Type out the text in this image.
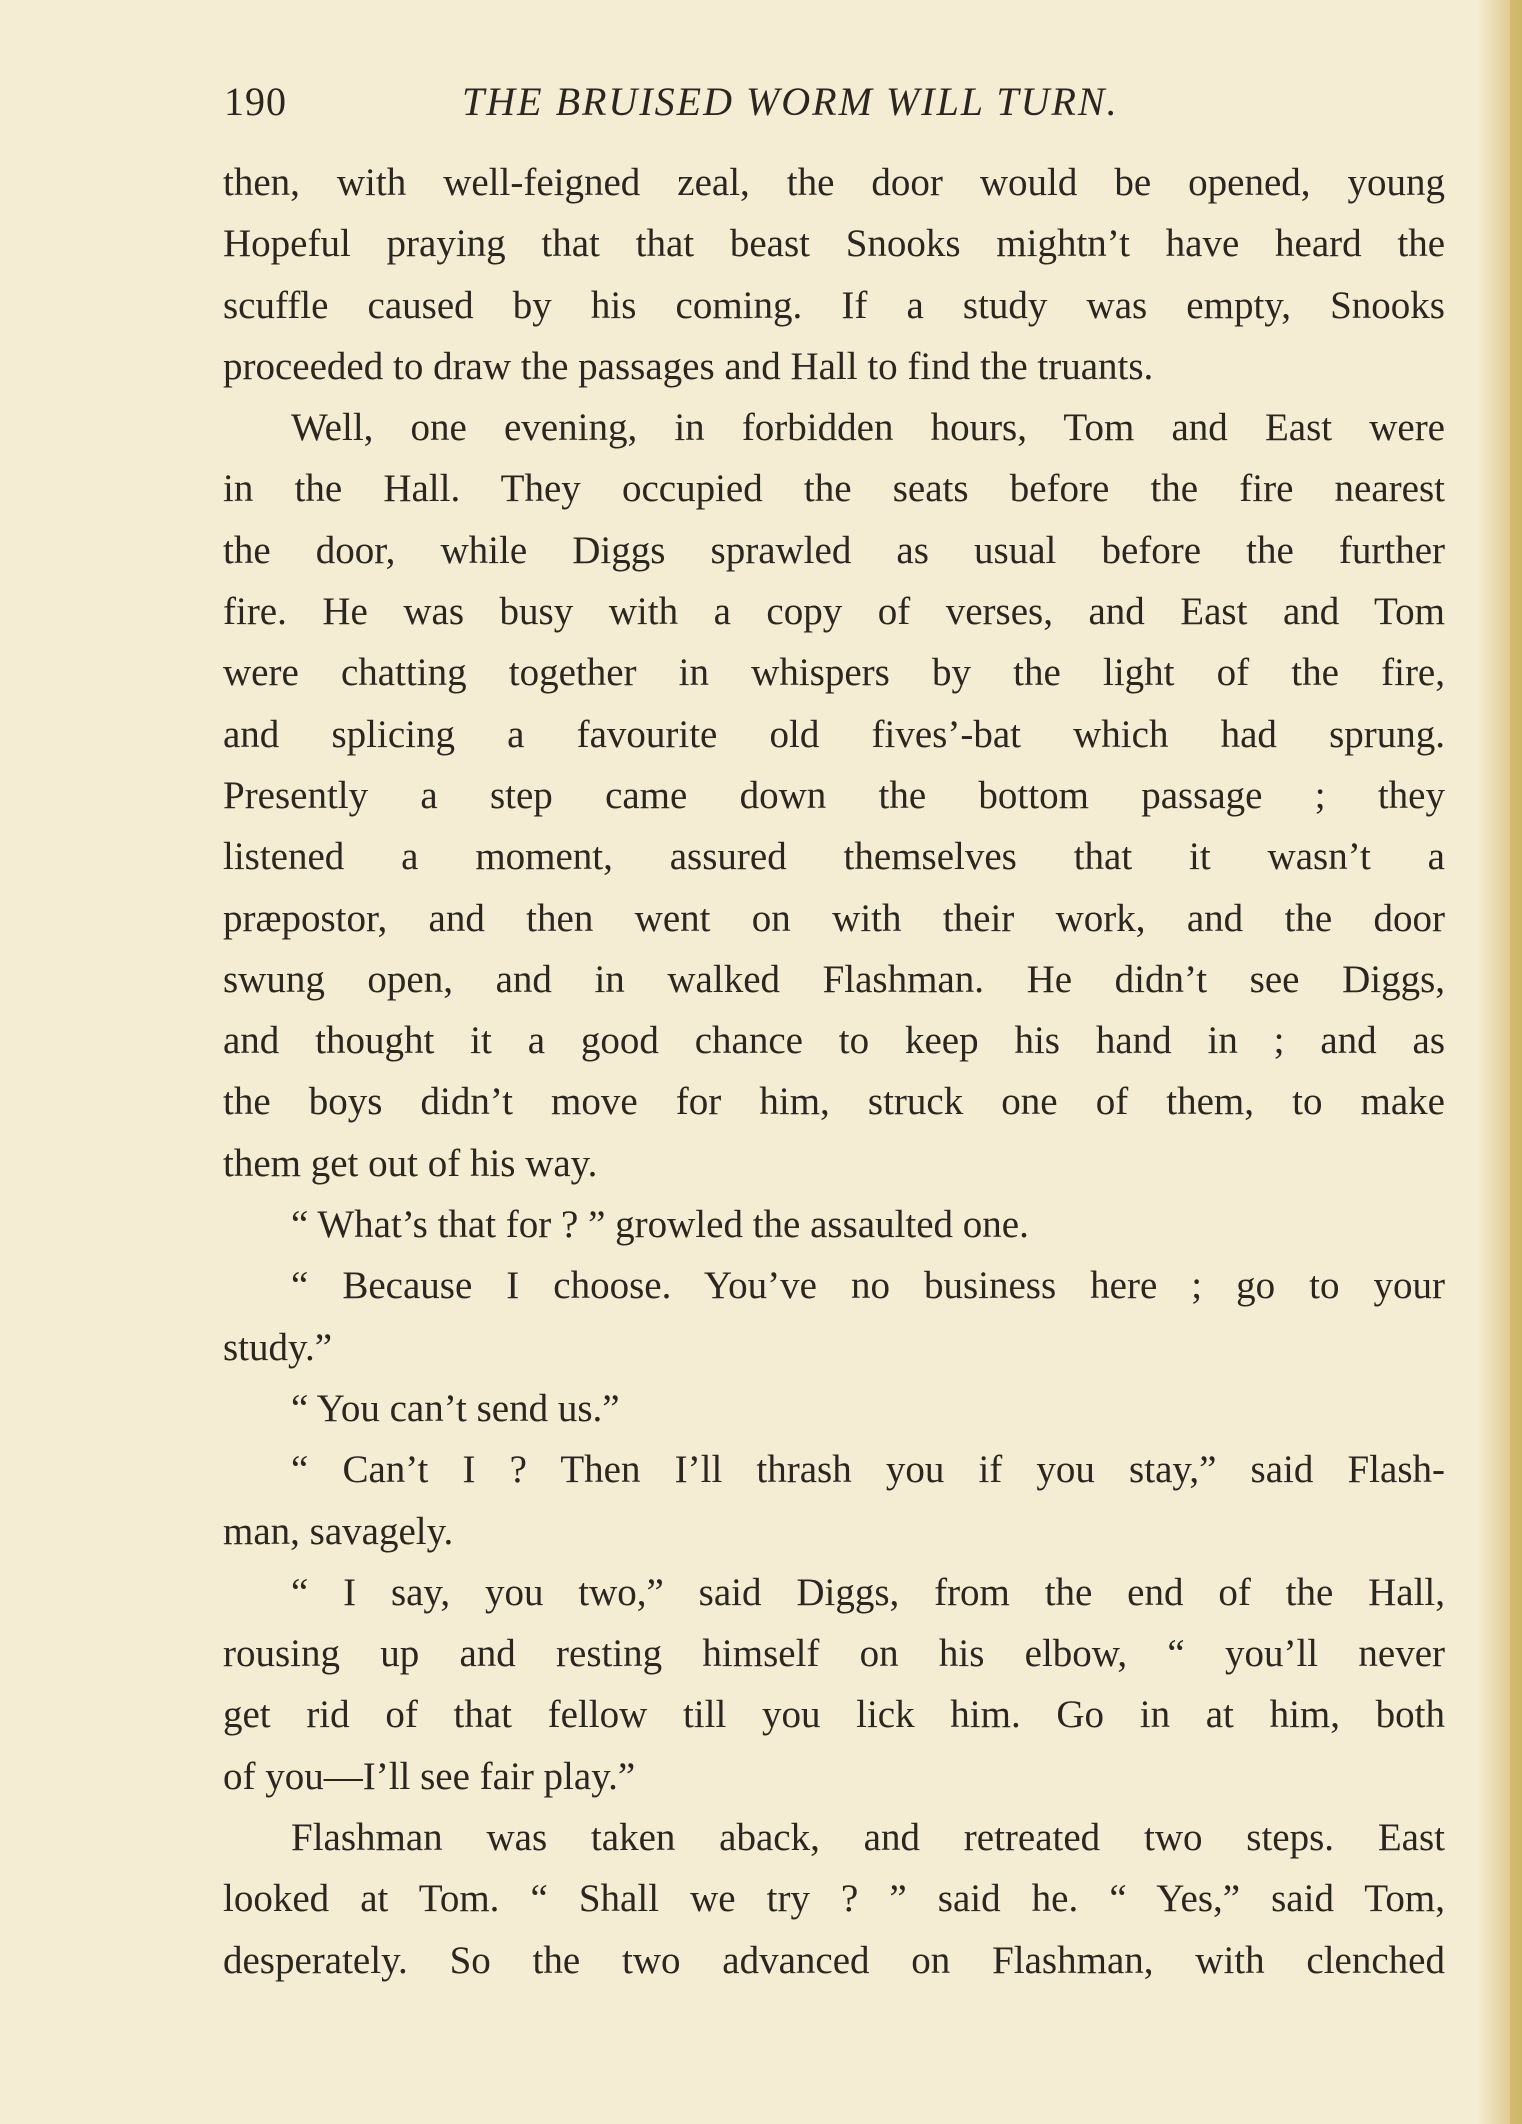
190	THE BRUISED WORM WILL TURN.
then, with well-feigned zeal, the door would be opened, young
Hopeful praying that that beast Snooks mightn’t have heard the
scuffle caused by his coming. If a study was empty, Snooks
proceeded to draw the passages and Hall to find the truants.
Well, one evening, in forbidden hours, Tom and East were
in the Hall. They occupied the seats before the fire nearest
the door, while Diggs sprawled as usual before the further
fire. He was busy with a copy of verses, and East and Tom
were chatting together in whispers by the light of the fire,
and splicing a favourite old fives’-bat which had sprung.
Presently a step came down the bottom passage ; they
listened a moment, assured themselves that it wasn’t a
præpostor, and then went on with their work, and the door
swung open, and in walked Flashman. He didn’t see Diggs,
and thought it a good chance to keep his hand in ; and as
the boys didn’t move for him, struck one of them, to make
them get out of his way.
“ What’s that for ? ” growled the assaulted one.
“ Because I choose. You’ve no business here ; go to your
study.”
“ You can’t send us.”
“ Can’t I ? Then I’ll thrash you if you stay,” said Flash-
man, savagely.
“ I say, you two,” said Diggs, from the end of the Hall,
rousing up and resting himself on his elbow, “ you’ll never
get rid of that fellow till you lick him. Go in at him, both
of you—I’ll see fair play.”
Flashman was taken aback, and retreated two steps. East
looked at Tom. “ Shall we try ? ” said he. “ Yes,” said Tom,
desperately. So the two advanced on Flashman, with clenched
